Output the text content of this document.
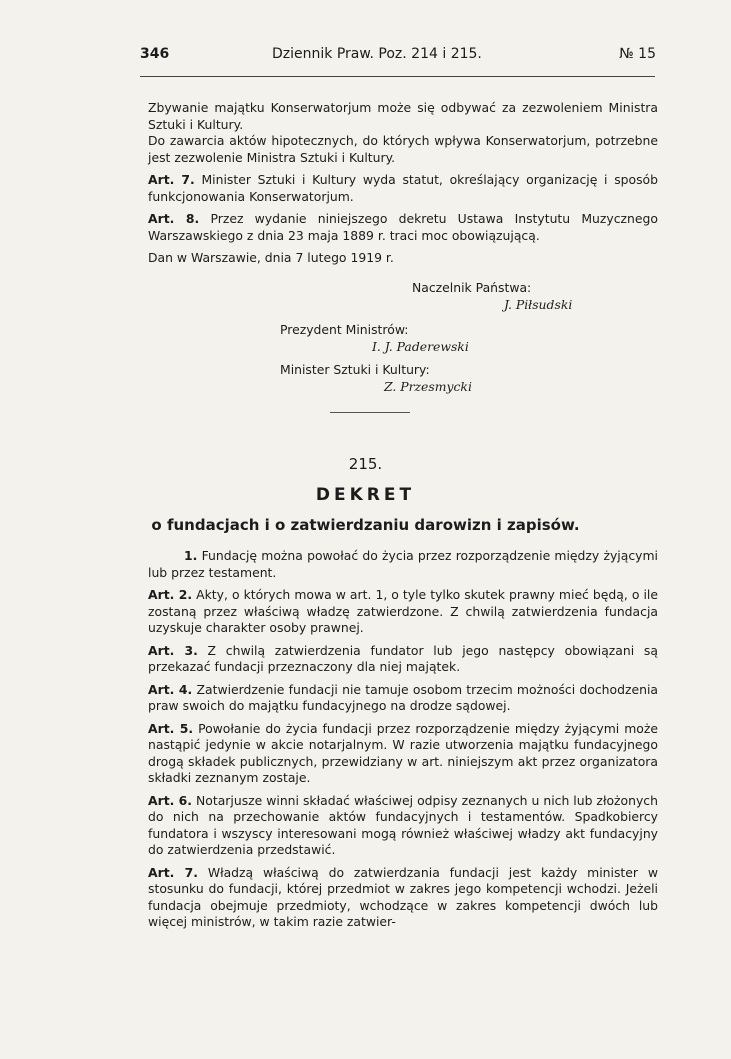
346	Dziennik Praw. Poz. 214 i 215.	№ 15

Zbywanie majątku Konserwatorjum może się odbywać za zezwoleniem Ministra Sztuki i Kultury.

Do zawarcia aktów hipotecznych, do których wpływa Konserwatorjum, potrzebne jest zezwolenie Ministra Sztuki i Kultury.

Art. 7. Minister Sztuki i Kultury wyda statut, określający organizację i sposób funkcjonowania Konserwatorjum.

Art. 8. Przez wydanie niniejszego dekretu Ustawa Instytutu Muzycznego Warszawskiego z dnia 23 maja 1889 r. traci moc obowiązującą.

Dan w Warszawie, dnia 7 lutego 1919 r.

Naczelnik Państwa:
J. Piłsudski
Prezydent Ministrów:
I. J. Paderewski
Minister Sztuki i Kultury:
Z. Przesmycki
215.
DEKRET
o fundacjach i o zatwierdzaniu darowizn i zapisów.

1. Fundację można powołać do życia przez rozporządzenie między żyjącymi lub przez testament.

Art. 2. Akty, o których mowa w art. 1, o tyle tylko skutek prawny mieć będą, o ile zostaną przez właściwą władzę zatwierdzone. Z chwilą zatwierdzenia fundacja uzyskuje charakter osoby prawnej.

Art. 3. Z chwilą zatwierdzenia fundator lub jego następcy obowiązani są przekazać fundacji przeznaczony dla niej majątek.

Art. 4. Zatwierdzenie fundacji nie tamuje osobom trzecim możności dochodzenia praw swoich do majątku fundacyjnego na drodze sądowej.

Art. 5. Powołanie do życia fundacji przez rozporządzenie między żyjącymi może nastąpić jedynie w akcie notarjalnym. W razie utworzenia majątku fundacyjnego drogą składek publicznych, przewidziany w art. niniejszym akt przez organizatora składki zeznanym zostaje.

Art. 6. Notarjusze winni składać właściwej odpisy zeznanych u nich lub złożonych do nich na przechowanie aktów fundacyjnych i testamentów. Spadkobiercy fundatora i wszyscy interesowani mogą również właściwej władzy akt fundacyjny do zatwierdzenia przedstawić.

Art. 7. Władzą właściwą do zatwierdzania fundacji jest każdy minister w stosunku do fundacji, której przedmiot w zakres jego kompetencji wchodzi. Jeżeli fundacja obejmuje przedmioty, wchodzące w zakres kompetencji dwóch lub więcej ministrów, w takim razie zatwier-
